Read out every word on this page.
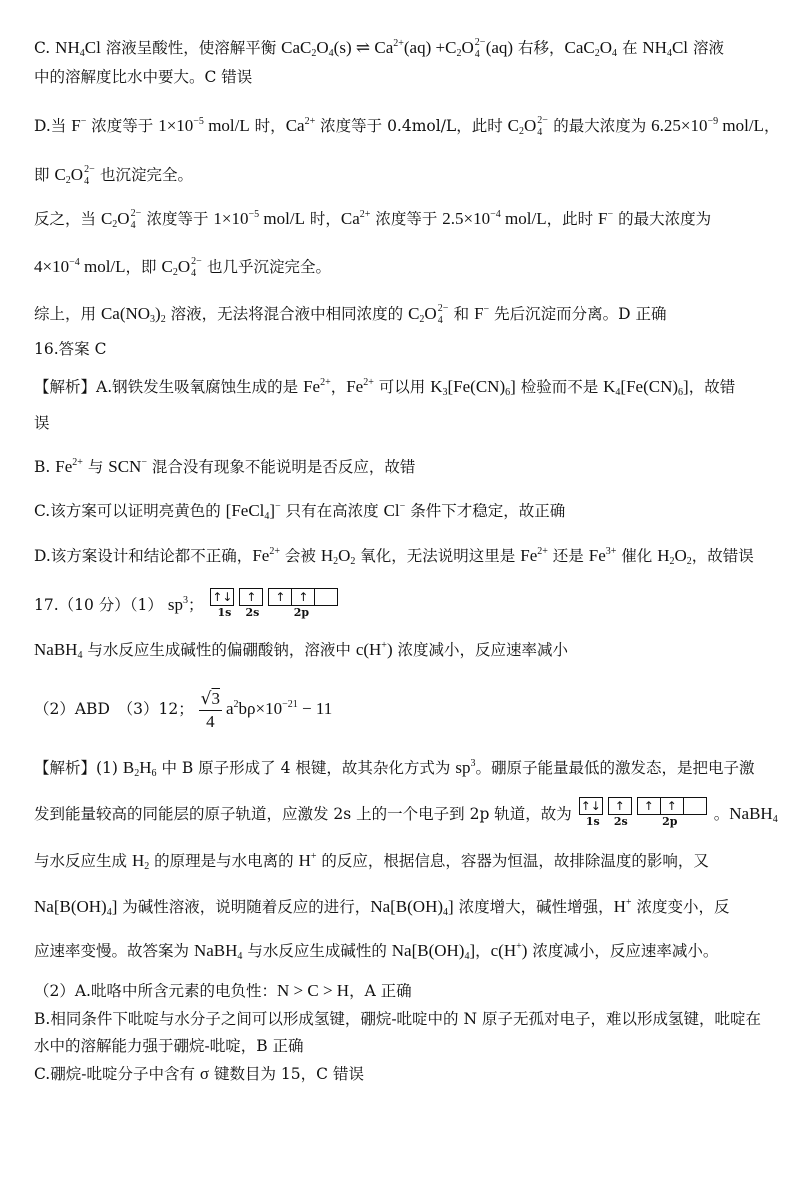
C. $NH_4Cl$ 溶液呈酸性，使溶解平衡 $CaC_2O_4(s)$ ⇌ $Ca^{2+}(aq) +C_2O$ 2−
4 (aq) 右移，$CaC_2O_4$ 在 $NH_4Cl$ 溶液
中的溶解度比水中要大。C 错误
D.当 F− 浓度等于 $1\times 10^{-5}$ mol/L 时，$Ca^{2+}$ 浓度等于 0.4mol/L，此时 $C_2O$ 2−
4 的最大浓度为 $6.25\times 10^{-9}$ mol/L，
即 $C_2O$ 2−
4 也沉淀完全。
反之，当 $C_2O$ 2−
4 浓度等于 $1\times 10^{-5}$ mol/L 时，$Ca^{2+}$ 浓度等于 $2.5\times 10^{-4}$ mol/L，此时 F− 的最大浓度为
$4\times 10^{-4}$ mol/L，即 $C_2O$ 2−
4 也几乎沉淀完全。
综上，用 $Ca(NO_3)_2$ 溶液，无法将混合液中相同浓度的 $C_2O$ 2−
4 和 F− 先后沉淀而分离。D 正确
16.答案 C
【解析】A.钢铁发生吸氧腐蚀生成的是 $Fe^{2+}$，$Fe^{2+}$ 可以用 $K_3[Fe(CN)_6]$ 检验而不是 $K_4[Fe(CN)_6]$，故错
误
B. $Fe^{2+}$ 与 SCN− 混合没有现象不能说明是否反应，故错
C.该方案可以证明亮黄色的 [FeCl$_4$]− 只有在高浓度 Cl− 条件下才稳定，故正确
D.该方案设计和结论都不正确，$Fe^{2+}$ 会被 $H_2O_2$ 氧化，无法说明这里是 $Fe^{2+}$ 还是 $Fe^{3+}$ 催化 $H_2O_2$，故错误
17.（10 分）（1） $sp^3$； ↑↓	↑	↑	↑
1s	2s	2p
NaBH$_4$ 与水反应生成碱性的偏硼酸钠，溶液中 c(H+) 浓度减小，反应速率减小
（2）ABD　（3）12； $\frac{√3}{4} a^2b\rho\times 10^{-21} - 11$
【解析】(1) $B_2H_6$ 中 B 原子形成了 4 根键，故其杂化方式为 $sp^3$。硼原子能量最低的激发态，是把电子激
发到能量较高的同能层的原子轨道，应激发 2s 上的一个电子到 2p 轨道，故为 ↑↓	↑	↑	↑
1s	2s	2p	。NaBH$_4$
与水反应生成 $H_2$ 的原理是与水电离的 H+ 的反应，根据信息，容器为恒温，故排除温度的影响，又
$Na[B(OH)_4]$ 为碱性溶液，说明随着反应的进行，$Na[B(OH)_4]$ 浓度增大，碱性增强，H+ 浓度变小，反
应速率变慢。故答案为 NaBH$_4$ 与水反应生成碱性的 $Na[B(OH)_4]$，c(H+) 浓度减小，反应速率减小。
（2）A.吡咯中所含元素的电负性：N > C > H，A 正确
B.相同条件下吡啶与水分子之间可以形成氢键，硼烷-吡啶中的 N 原子无孤对电子，难以形成氢键，吡啶在
水中的溶解能力强于硼烷-吡啶，B 正确
C.硼烷-吡啶分子中含有 σ 键数目为 15，C 错误
